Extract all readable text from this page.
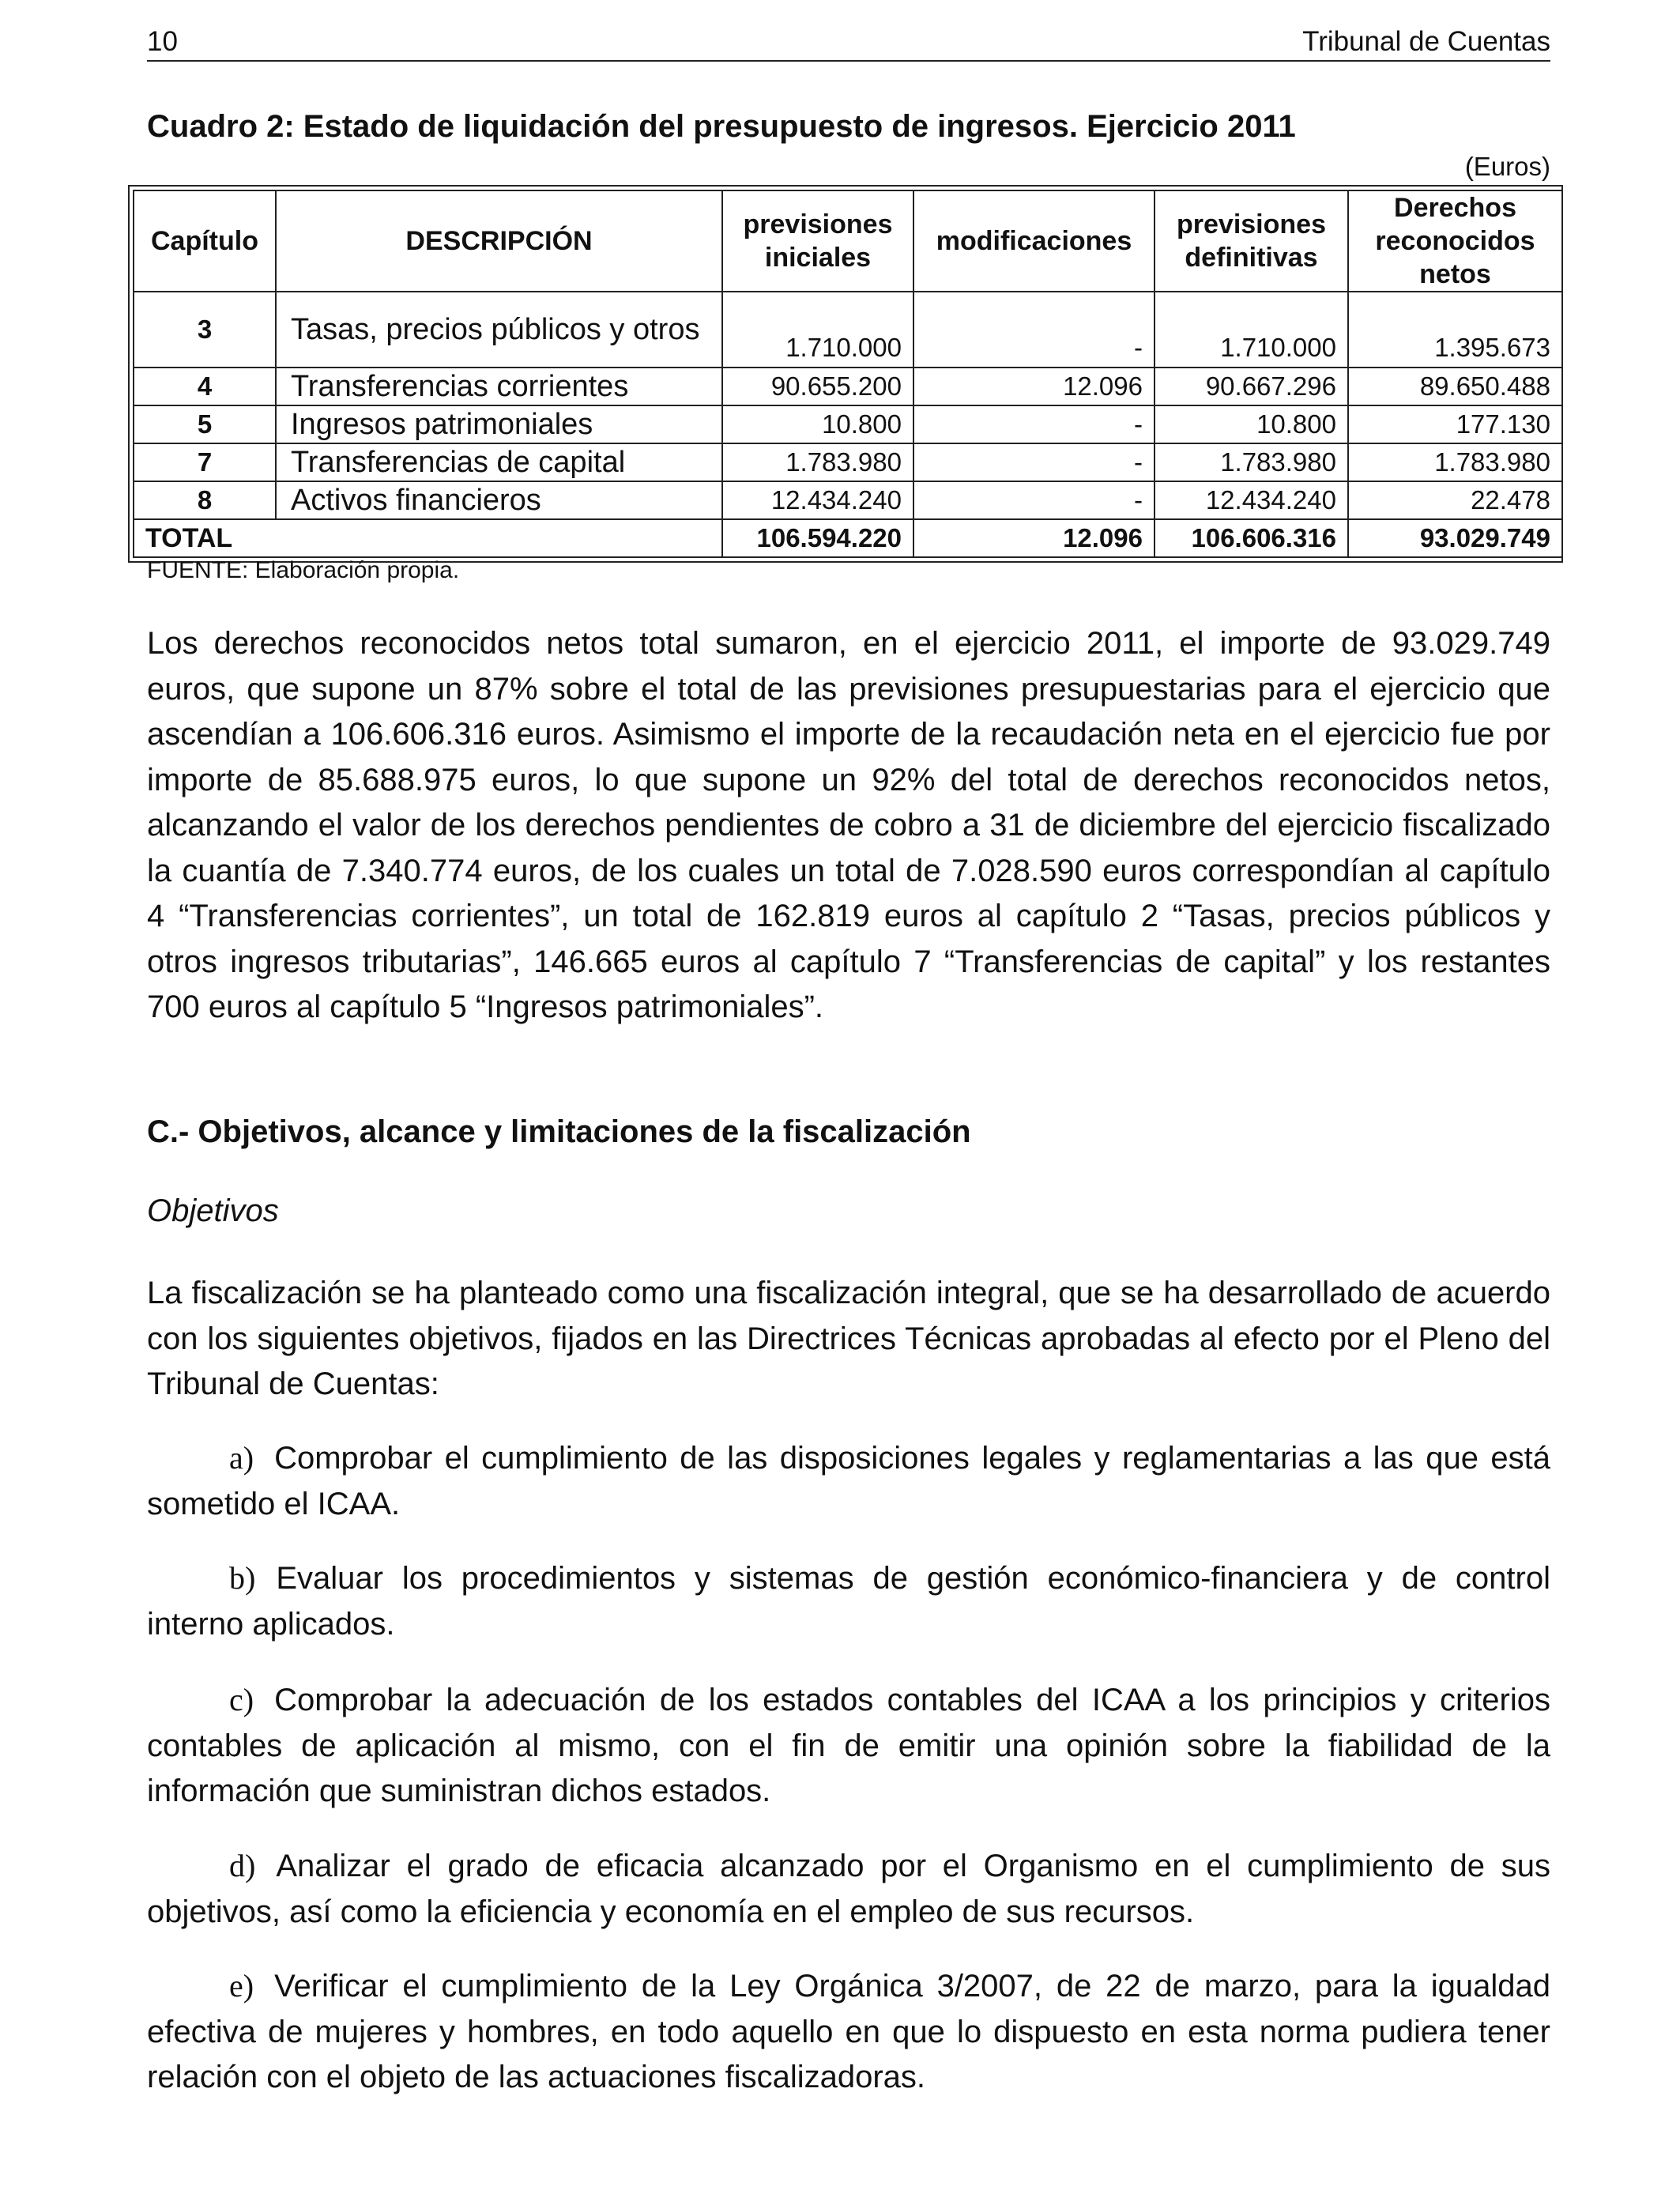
10	Tribunal de Cuentas
Cuadro 2: Estado de liquidación del presupuesto de ingresos. Ejercicio 2011
(Euros)
Capítulo	DESCRIPCIÓN	previsiones iniciales	modificaciones	previsiones definitivas	Derechos reconocidos netos
3	Tasas, precios públicos y otros	1.710.000	-	1.710.000	1.395.673
4	Transferencias corrientes	90.655.200	12.096	90.667.296	89.650.488
5	Ingresos patrimoniales	10.800	-	10.800	177.130
7	Transferencias de capital	1.783.980	-	1.783.980	1.783.980
8	Activos financieros	12.434.240	-	12.434.240	22.478
TOTAL		106.594.220	12.096	106.606.316	93.029.749
FUENTE: Elaboración propia.

Los derechos reconocidos netos total sumaron, en el ejercicio 2011, el importe de 93.029.749 euros, que supone un 87% sobre el total de las previsiones presupuestarias para el ejercicio que ascendían a 106.606.316 euros. Asimismo el importe de la recaudación neta en el ejercicio fue por importe de 85.688.975 euros, lo que supone un 92% del total de derechos reconocidos netos, alcanzando el valor de los derechos pendientes de cobro a 31 de diciembre del ejercicio fiscalizado la cuantía de 7.340.774 euros, de los cuales un total de 7.028.590 euros correspondían al capítulo 4 “Transferencias corrientes”, un total de 162.819 euros al capítulo 2 “Tasas, precios públicos y otros ingresos tributarias”, 146.665 euros al capítulo 7 “Transferencias de capital” y los restantes 700 euros al capítulo 5 “Ingresos patrimoniales”.

C.- Objetivos, alcance y limitaciones de la fiscalización
Objetivos

La fiscalización se ha planteado como una fiscalización integral, que se ha desarrollado de acuerdo con los siguientes objetivos, fijados en las Directrices Técnicas aprobadas al efecto por el Pleno del Tribunal de Cuentas:

a) Comprobar el cumplimiento de las disposiciones legales y reglamentarias a las que está sometido el ICAA.

b) Evaluar los procedimientos y sistemas de gestión económico-financiera y de control interno aplicados.

c) Comprobar la adecuación de los estados contables del ICAA a los principios y criterios contables de aplicación al mismo, con el fin de emitir una opinión sobre la fiabilidad de la información que suministran dichos estados.

d) Analizar el grado de eficacia alcanzado por el Organismo en el cumplimiento de sus objetivos, así como la eficiencia y economía en el empleo de sus recursos.

e) Verificar el cumplimiento de la Ley Orgánica 3/2007, de 22 de marzo, para la igualdad efectiva de mujeres y hombres, en todo aquello en que lo dispuesto en esta norma pudiera tener relación con el objeto de las actuaciones fiscalizadoras.
